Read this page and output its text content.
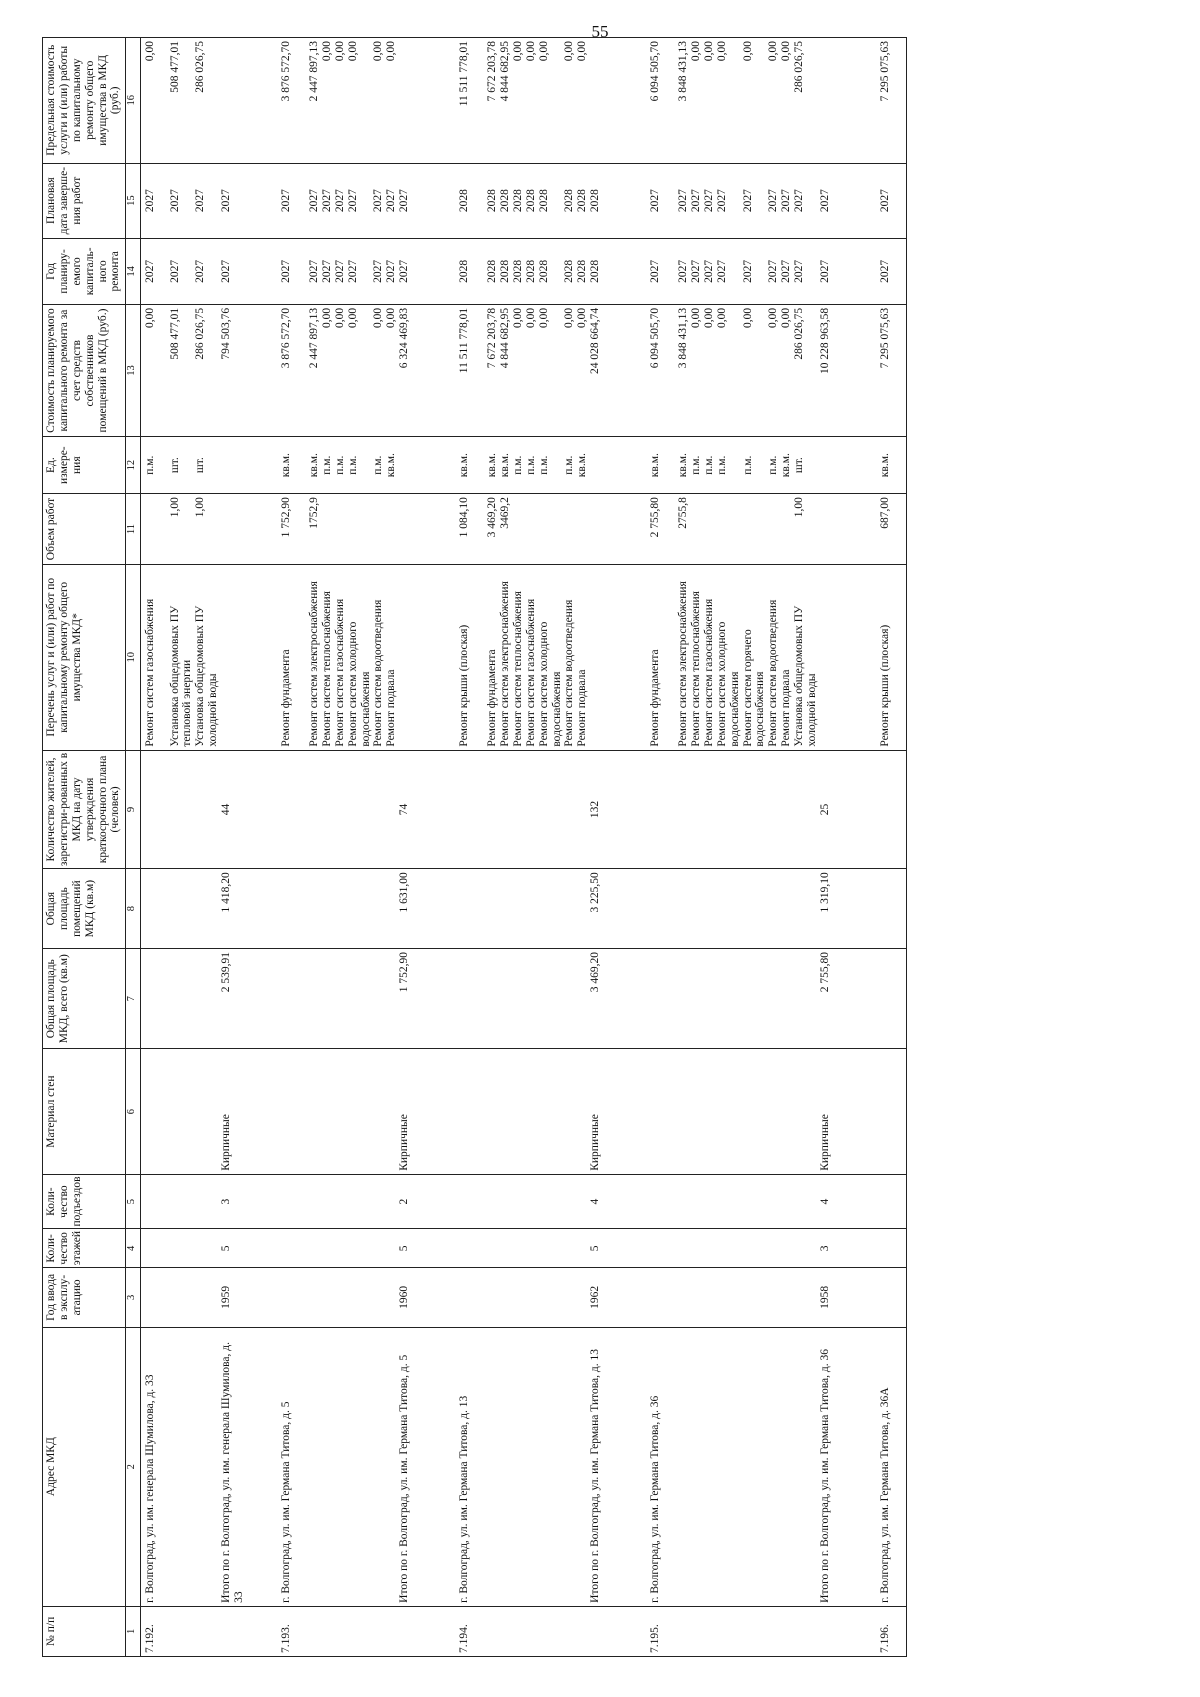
55
№ п/п	Адрес МКД	Год ввода в эксплу-атацию	Коли-чество этажей	Коли-чество подъездов	Материал стен	Общая площадь МКД, всего (кв.м)	Общая площадь помещений МКД (кв.м)	Количество жителей, зарегистри-рованных в МКД на дату утверждения краткосрочного плана (человек)	Перечень услуг и (или) работ по капитальному ремонту общего имущества МКД*	Объем работ	Ед. измере-ния	Стоимость планируемого капитального ремонта за счет средств собственников помещений в МКД (руб.)	Год планиру-емого капиталь-ного ремонта	Плановая дата заверше-ния работ	Предельная стоимость услуги и (или) работы по капитальному ремонту общего имущества в МКД (руб.)
1	2	3	4	5	6	7	8	9	10	11	12	13	14	15	16
7.192.	г. Волгоград, ул. им. генерала Шумилова, д. 33								Ремонт систем газоснабжения		п.м.	0,00	2027	2027	0,00
									Установка общедомовых ПУ тепловой энергии	1,00	шт.	508 477,01	2027	2027	508 477,01
									Установка общедомовых ПУ холодной воды	1,00	шт.	286 026,75	2027	2027	286 026,75
	Итого по г. Волгоград, ул. им. генерала Шумилова, д. 33	1959	5	3	Кирпичные	2 539,91	1 418,20	44				794 503,76	2027	2027	
7.193.	г. Волгоград, ул. им. Германа Титова, д. 5								Ремонт фундамента	1 752,90	кв.м.	3 876 572,70	2027	2027	3 876 572,70
									Ремонт систем электроснабжения	1752,9	кв.м.	2 447 897,13	2027	2027	2 447 897,13
									Ремонт систем теплоснабжения		п.м.	0,00	2027	2027	0,00
									Ремонт систем газоснабжения		п.м.	0,00	2027	2027	0,00
									Ремонт систем холодного водоснабжения		п.м.	0,00	2027	2027	0,00
									Ремонт систем водоотведения		п.м.	0,00	2027	2027	0,00
									Ремонт подвала		кв.м.	0,00	2027	2027	0,00
	Итого по г. Волгоград, ул. им. Германа Титова, д. 5	1960	5	2	Кирпичные	1 752,90	1 631,00	74				6 324 469,83	2027	2027	
7.194.	г. Волгоград, ул. им. Германа Титова, д. 13								Ремонт крыши (плоская)	1 084,10	кв.м.	11 511 778,01	2028	2028	11 511 778,01
									Ремонт фундамента	3 469,20	кв.м.	7 672 203,78	2028	2028	7 672 203,78
									Ремонт систем электроснабжения	3469,2	кв.м.	4 844 682,95	2028	2028	4 844 682,95
									Ремонт систем теплоснабжения		п.м.	0,00	2028	2028	0,00
									Ремонт систем газоснабжения		п.м.	0,00	2028	2028	0,00
									Ремонт систем холодного водоснабжения		п.м.	0,00	2028	2028	0,00
									Ремонт систем водоотведения		п.м.	0,00	2028	2028	0,00
									Ремонт подвала		кв.м.	0,00	2028	2028	0,00
	Итого по г. Волгоград, ул. им. Германа Титова, д. 13	1962	5	4	Кирпичные	3 469,20	3 225,50	132				24 028 664,74	2028	2028	
7.195.	г. Волгоград, ул. им. Германа Титова, д. 36								Ремонт фундамента	2 755,80	кв.м.	6 094 505,70	2027	2027	6 094 505,70
									Ремонт систем электроснабжения	2755,8	кв.м.	3 848 431,13	2027	2027	3 848 431,13
									Ремонт систем теплоснабжения		п.м.	0,00	2027	2027	0,00
									Ремонт систем газоснабжения		п.м.	0,00	2027	2027	0,00
									Ремонт систем холодного водоснабжения		п.м.	0,00	2027	2027	0,00
									Ремонт систем горячего водоснабжения		п.м.	0,00	2027	2027	0,00
									Ремонт систем водоотведения		п.м.	0,00	2027	2027	0,00
									Ремонт подвала		кв.м.	0,00	2027	2027	0,00
									Установка общедомовых ПУ холодной воды	1,00	шт.	286 026,75	2027	2027	286 026,75
	Итого по г. Волгоград, ул. им. Германа Титова, д. 36	1958	3	4	Кирпичные	2 755,80	1 319,10	25				10 228 963,58	2027	2027	
7.196.	г. Волгоград, ул. им. Германа Титова, д. 36А								Ремонт крыши (плоская)	687,00	кв.м.	7 295 075,63	2027	2027	7 295 075,63
